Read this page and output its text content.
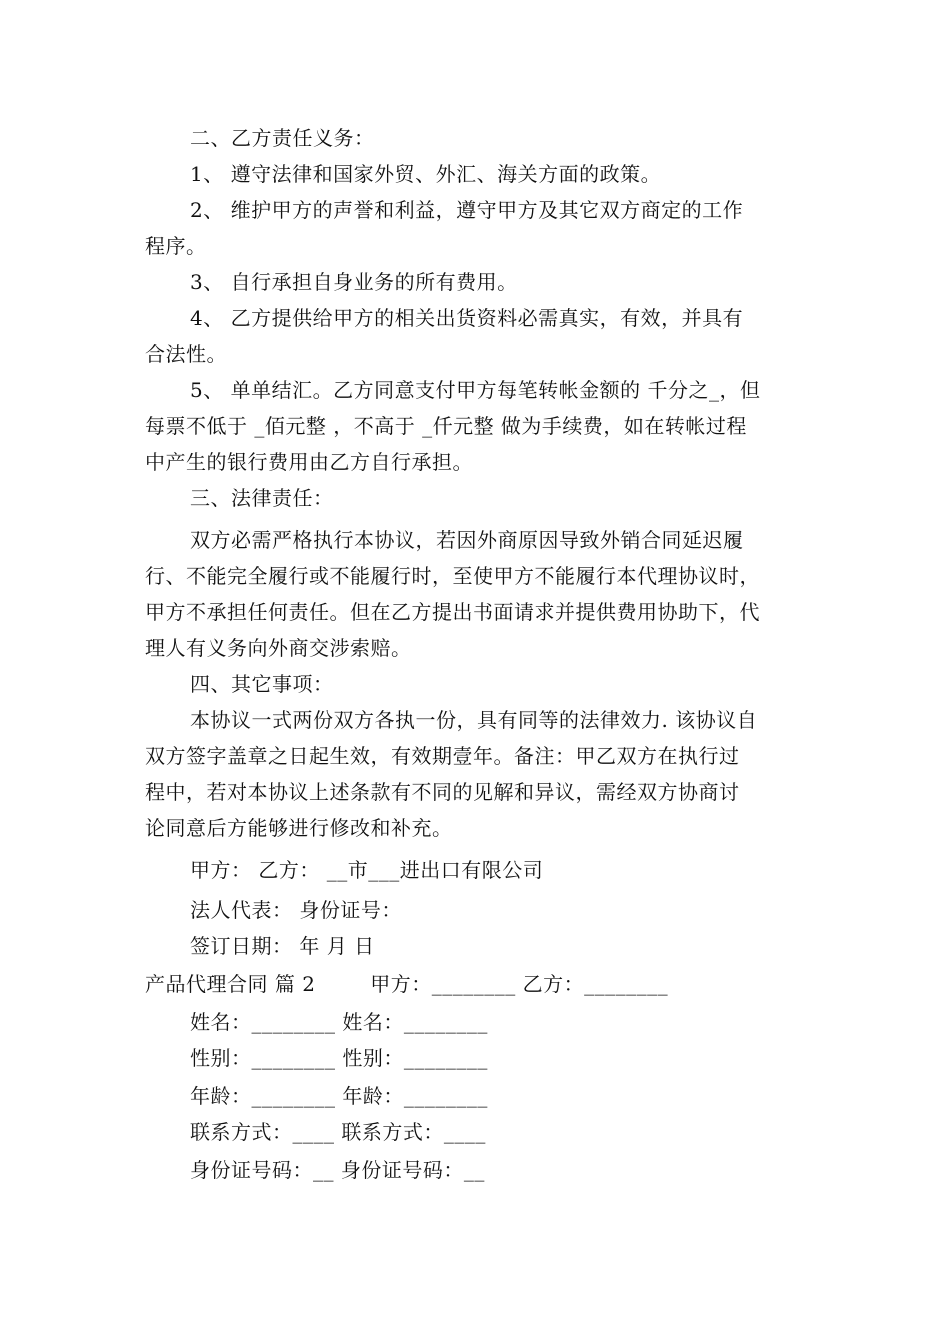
二、乙方责任义务：
1、 遵守法律和国家外贸、外汇、海关方面的政策。
2、 维护甲方的声誉和利益，遵守甲方及其它双方商定的工作
程序。
3、 自行承担自身业务的所有费用。
4、 乙方提供给甲方的相关出货资料必需真实，有效，并具有
合法性。
5、 单单结汇。乙方同意支付甲方每笔转帐金额的 千分之_，但
每票不低于 _佰元整 ，不高于 _仟元整 做为手续费，如在转帐过程
中产生的银行费用由乙方自行承担。
三、法律责任：
双方必需严格执行本协议，若因外商原因导致外销合同延迟履
行、不能完全履行或不能履行时，至使甲方不能履行本代理协议时，
甲方不承担任何责任。但在乙方提出书面请求并提供费用协助下，代
理人有义务向外商交涉索赔。
四、其它事项：
本协议一式两份双方各执一份，具有同等的法律效力. 该协议自
双方签字盖章之日起生效，有效期壹年。备注：甲乙双方在执行过
程中，若对本协议上述条款有不同的见解和异议，需经双方协商讨
论同意后方能够进行修改和补充。
甲方： 乙方： __市___进出口有限公司
法人代表： 身份证号：
签订日期： 年 月 日
产品代理合同 篇 2        甲方：________ 乙方：________
姓名：________ 姓名：________
性别：________ 性别：________
年龄：________ 年龄：________
联系方式：____ 联系方式：____
身份证号码：__ 身份证号码：__
